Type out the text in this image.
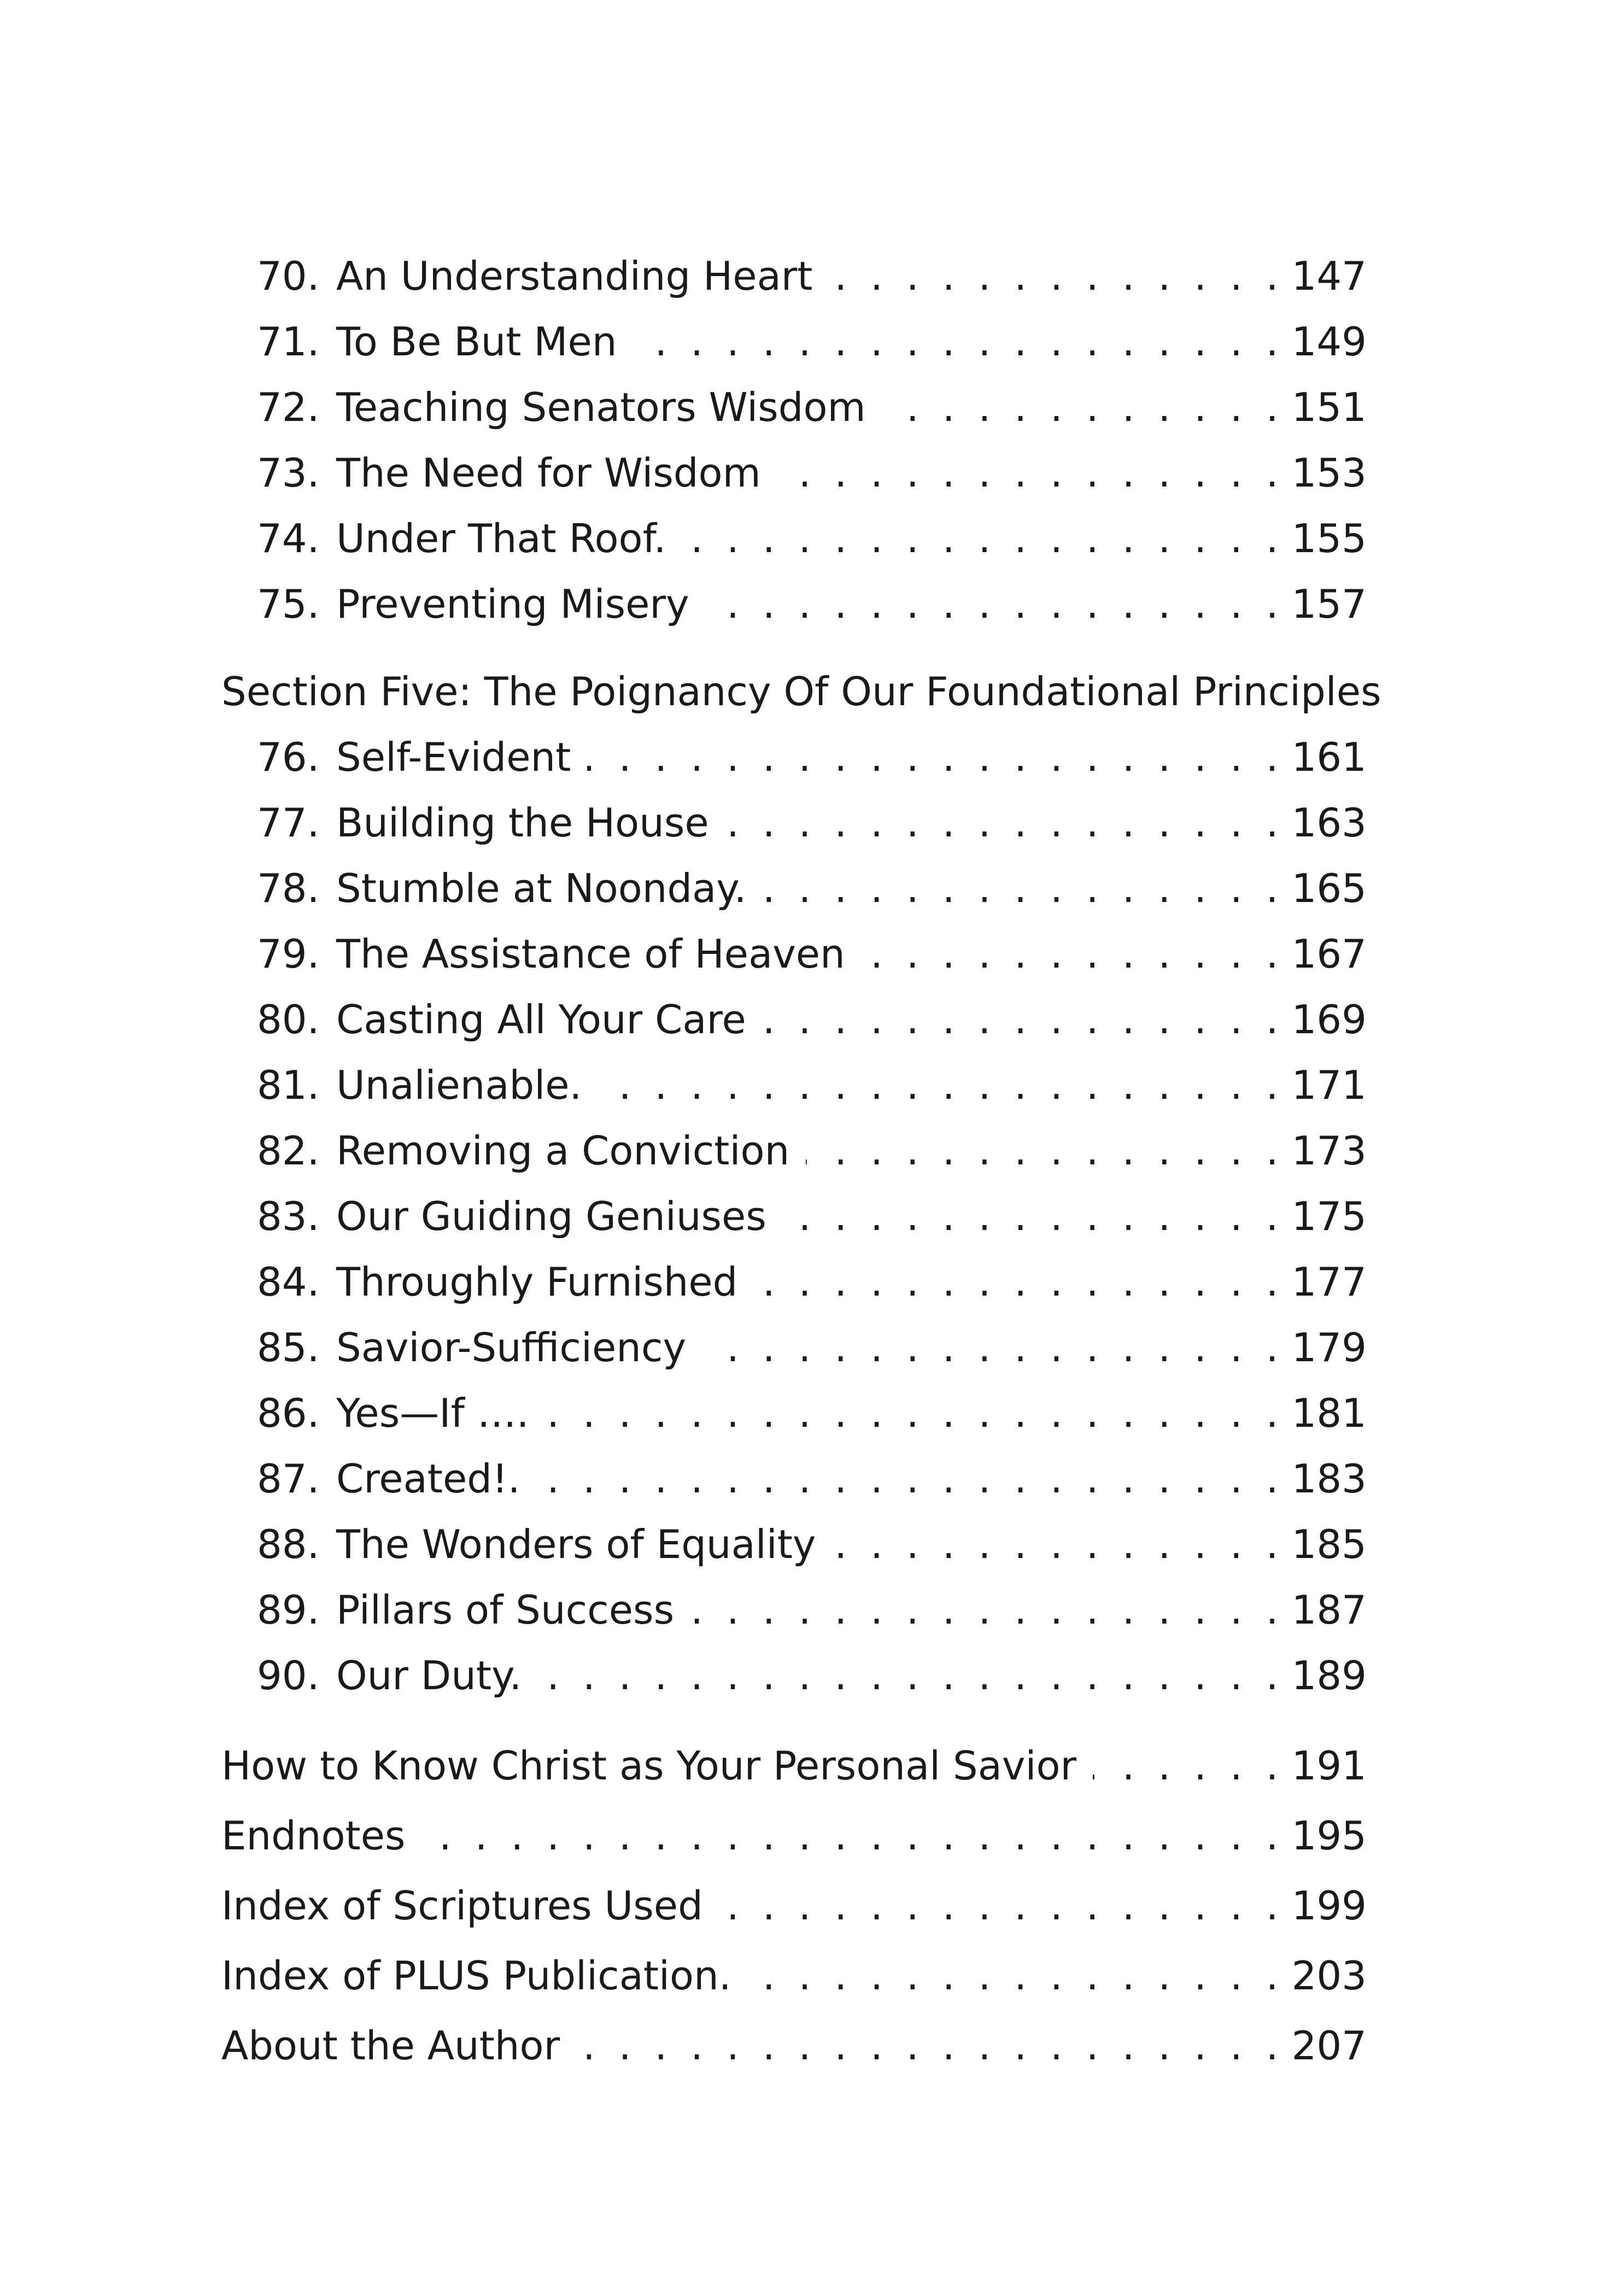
70. An Understanding Heart . . .	147
71. To Be But Men . . .	149
72. Teaching Senators Wisdom . . .	151
73. The Need for Wisdom . . .	153
74. Under That Roof. . . .	155
75. Preventing Misery . . .	157
Section Five: The Poignancy Of Our Foundational Principles
76. Self-Evident . . .	161
77. Building the House . . .	163
78. Stumble at Noonday. . . .	165
79. The Assistance of Heaven . . .	167
80. Casting All Your Care . . .	169
81. Unalienable. . . .	171
82. Removing a Conviction . . .	173
83. Our Guiding Geniuses . . .	175
84. Throughly Furnished . . .	177
85. Savior-Sufficiency . . .	179
86. Yes—If …. . . .	181
87. Created!. . . .	183
88. The Wonders of Equality . . .	185
89. Pillars of Success . . .	187
90. Our Duty. . . .	189
How to Know Christ as Your Personal Savior . . .	191
Endnotes . . .	195
Index of Scriptures Used . . .	199
Index of PLUS Publication. . . .	203
About the Author . . .	207
